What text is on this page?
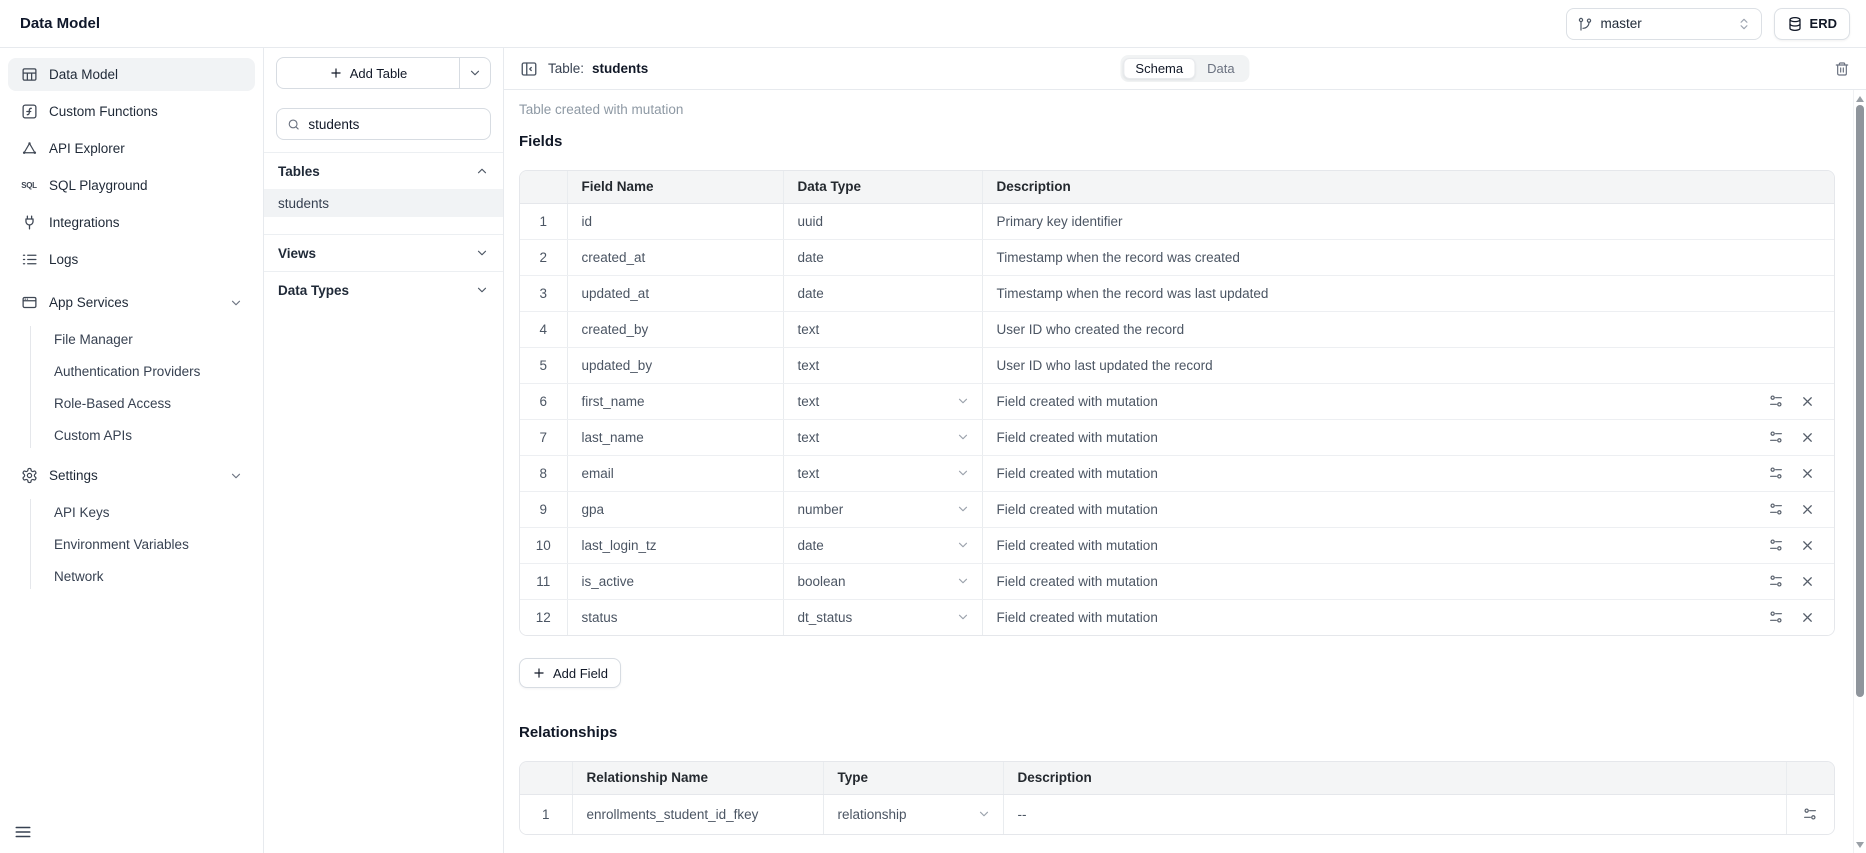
Data Model	master	ERD
Data Model
Custom Functions
API Explorer
SQL SQL Playground
Integrations
Logs
App Services
File Manager
Authentication Providers
Role-Based Access
Custom APIs
Settings
API Keys
Environment Variables
Network
Add Table
students
Tables
students
Views
Data Types
Table: students	Schema	Data
Table created with mutation
Fields
	Field Name	Data Type	Description	
1	id	uuid	Primary key identifier	
2	created_at	date	Timestamp when the record was created	
3	updated_at	date	Timestamp when the record was last updated	
4	created_by	text	User ID who created the record	
5	updated_by	text	User ID who last updated the record	
6	first_name	text	Field created with mutation	

7	last_name	text	Field created with mutation	

8	email	text	Field created with mutation	

9	gpa	number	Field created with mutation	

10	last_login_tz	date	Field created with mutation	

11	is_active	boolean	Field created with mutation	

12	status	dt_status	Field created with mutation	
Add Field
Relationships
	Relationship Name	Type	Description	
1	enrollments_student_id_fkey	relationship	--	
